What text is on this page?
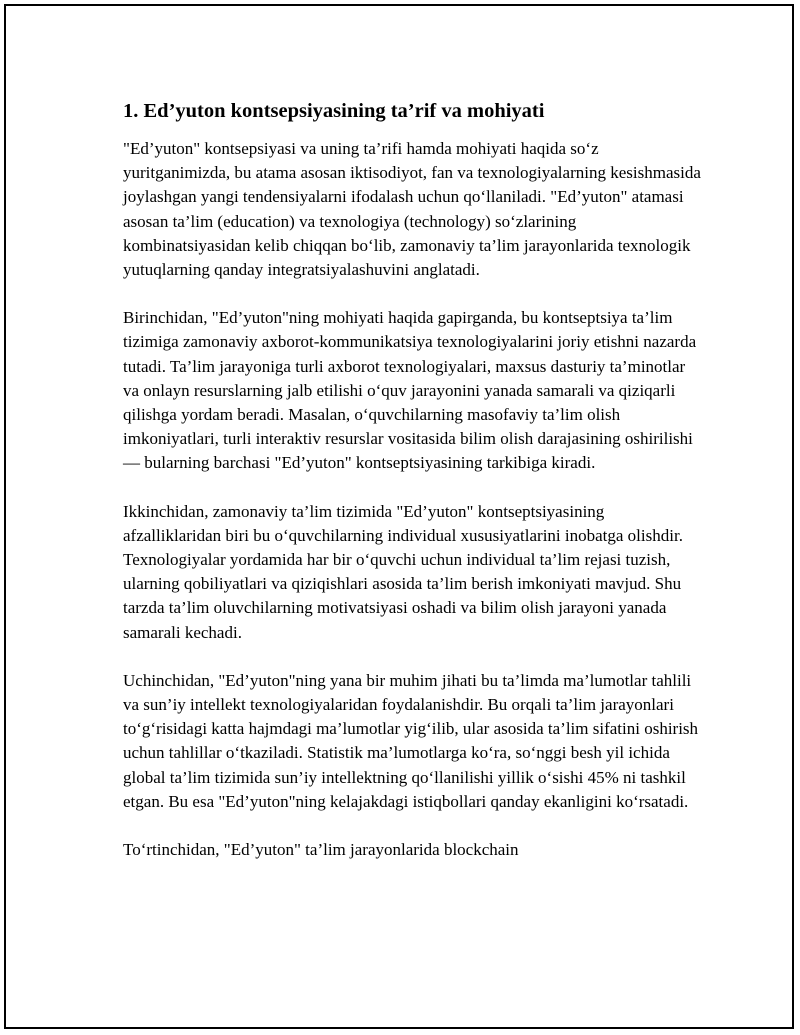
1. Ed’yuton kontsepsiyasining ta’rif va mohiyati

"Ed’yuton" kontsepsiyasi va uning ta’rifi hamda mohiyati haqida so‘z yuritganimizda, bu atama asosan iktisodiyot, fan va texnologiyalarning kesishmasida joylashgan yangi tendensiyalarni ifodalash uchun qo‘llaniladi. "Ed’yuton" atamasi asosan ta’lim (education) va texnologiya (technology) so‘zlarining kombinatsiyasidan kelib chiqqan bo‘lib, zamonaviy ta’lim jarayonlarida texnologik yutuqlarning qanday integratsiyalashuvini anglatadi.

Birinchidan, "Ed’yuton"ning mohiyati haqida gapirganda, bu kontseptsiya ta’lim tizimiga zamonaviy axborot-kommunikatsiya texnologiyalarini joriy etishni nazarda tutadi. Ta’lim jarayoniga turli axborot texnologiyalari, maxsus dasturiy ta’minotlar va onlayn resurslarning jalb etilishi o‘quv jarayonini yanada samarali va qiziqarli qilishga yordam beradi. Masalan, o‘quvchilarning masofaviy ta’lim olish imkoniyatlari, turli interaktiv resurslar vositasida bilim olish darajasining oshirilishi — bularning barchasi "Ed’yuton" kontseptsiyasining tarkibiga kiradi.

Ikkinchidan, zamonaviy ta’lim tizimida "Ed’yuton" kontseptsiyasining afzalliklaridan biri bu o‘quvchilarning individual xususiyatlarini inobatga olishdir. Texnologiyalar yordamida har bir o‘quvchi uchun individual ta’lim rejasi tuzish, ularning qobiliyatlari va qiziqishlari asosida ta’lim berish imkoniyati mavjud. Shu tarzda ta’lim oluvchilarning motivatsiyasi oshadi va bilim olish jarayoni yanada samarali kechadi.

Uchinchidan, "Ed’yuton"ning yana bir muhim jihati bu ta’limda ma’lumotlar tahlili va sun’iy intellekt texnologiyalaridan foydalanishdir. Bu orqali ta’lim jarayonlari to‘g‘risidagi katta hajmdagi ma’lumotlar yig‘ilib, ular asosida ta’lim sifatini oshirish uchun tahlillar o‘tkaziladi. Statistik ma’lumotlarga ko‘ra, so‘nggi besh yil ichida global ta’lim tizimida sun’iy intellektning qo‘llanilishi yillik o‘sishi 45% ni tashkil etgan. Bu esa "Ed’yuton"ning kelajakdagi istiqbollari qanday ekanligini ko‘rsatadi.

To‘rtinchidan, "Ed’yuton" ta’lim jarayonlarida blockchain
